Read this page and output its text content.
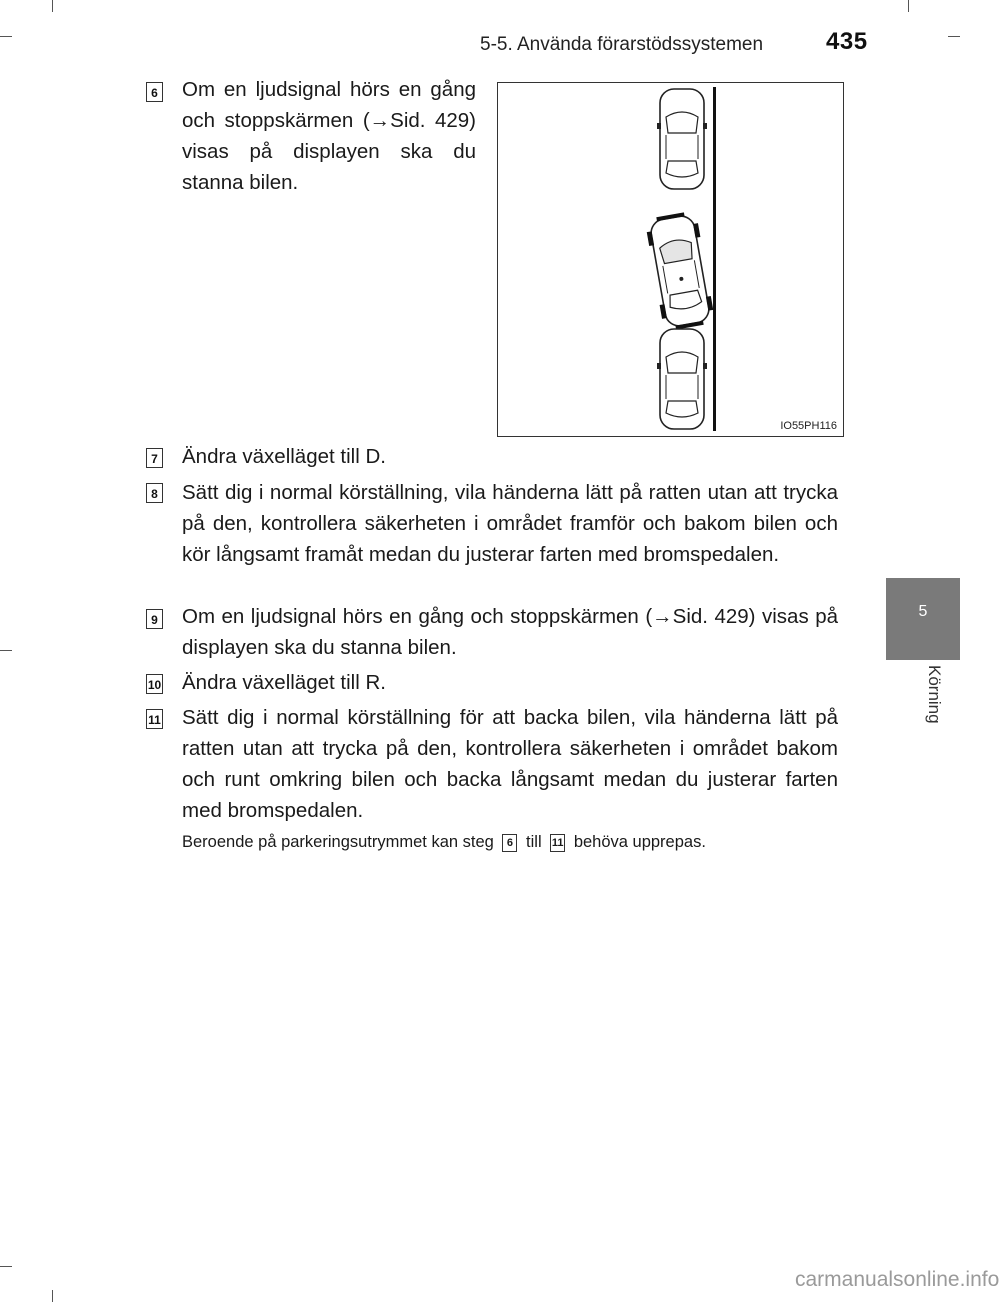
5-5. Använda förarstödssystemen	435
5
Körning
6 Om en ljudsignal hörs en gång och stoppskärmen (→Sid. 429) visas på displayen ska du stanna bilen.
IO55PH116
7 Ändra växelläget till D.
8 Sätt dig i normal körställning, vila händerna lätt på ratten utan att trycka på den, kontrollera säkerheten i området framför och bakom bilen och kör långsamt framåt medan du justerar farten med bromspedalen.
9 Om en ljudsignal hörs en gång och stoppskärmen (→Sid. 429) visas på displayen ska du stanna bilen.
10 Ändra växelläget till R.
11 Sätt dig i normal körställning för att backa bilen, vila händerna lätt på ratten utan att trycka på den, kontrollera säkerheten i området bakom och runt omkring bilen och backa långsamt medan du justerar farten med bromspedalen.
Beroende på parkeringsutrymmet kan steg 6 till 11 behöva upprepas.
carmanualsonline.info
